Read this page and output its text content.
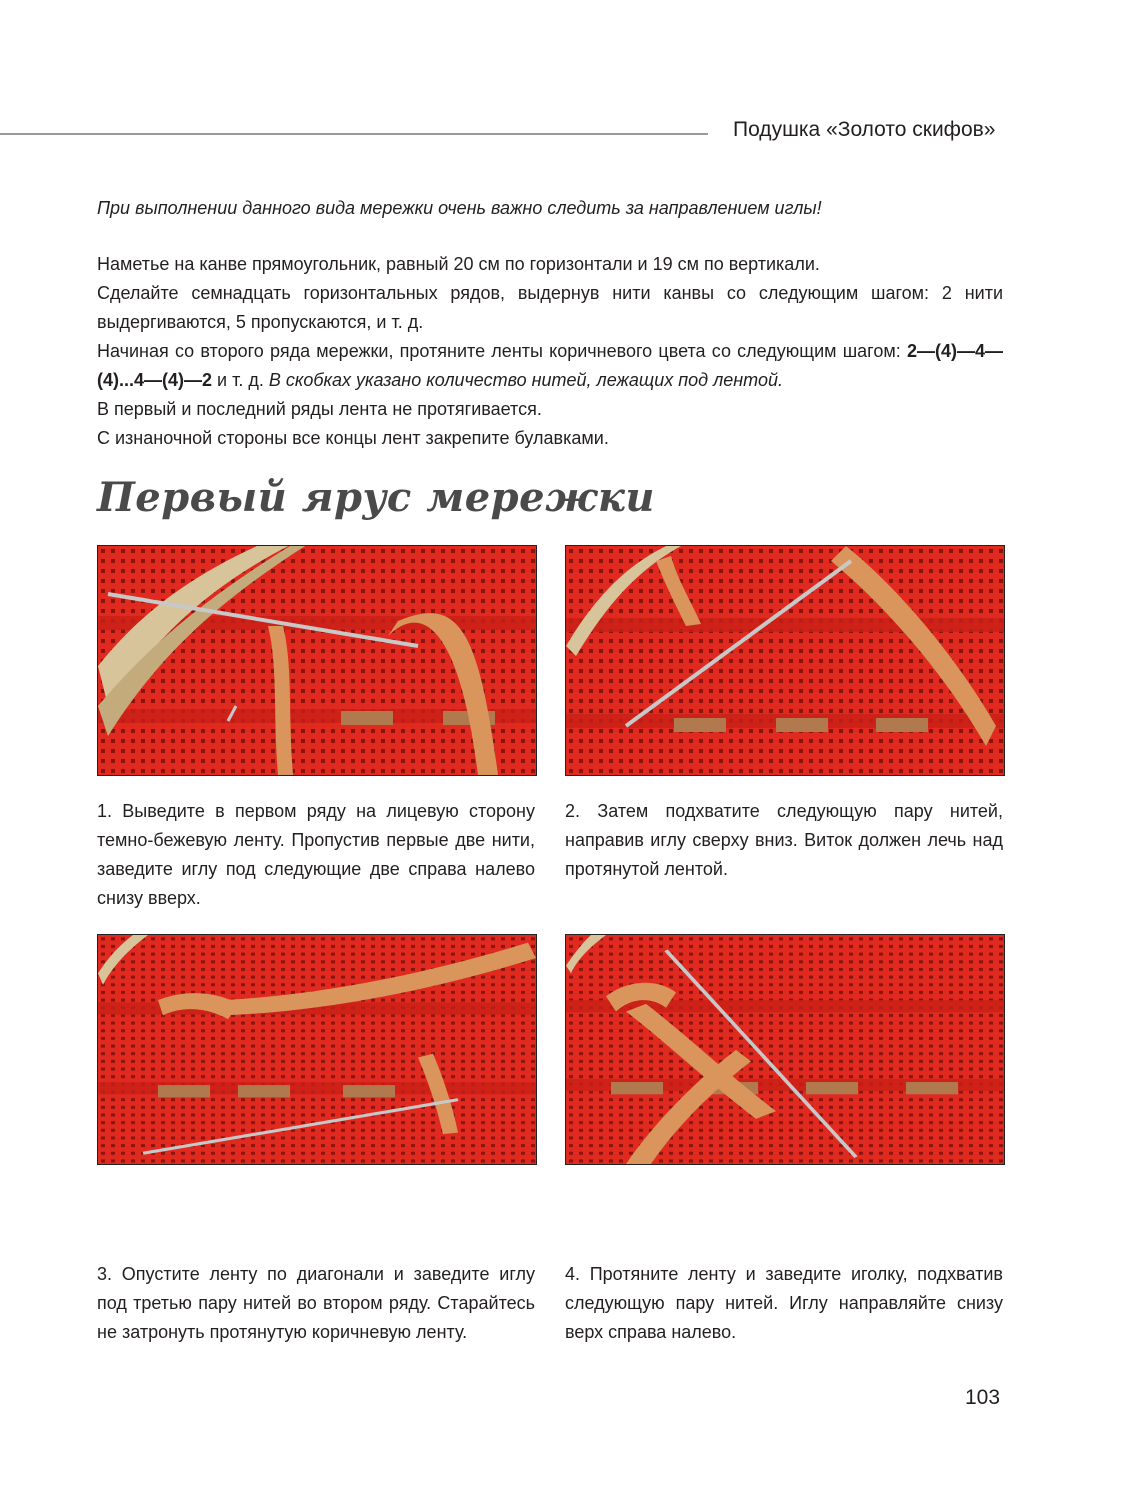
Подушка «Золото скифов»

При выполнении данного вида мережки очень важно следить за направлением иглы!

Наметье на канве прямоугольник, равный 20 см по горизонтали и 19 см по вертикали.

Сделайте семнадцать горизонтальных рядов, выдернув нити канвы со следующим шагом: 2 нити выдергиваются, 5 пропускаются, и т. д.

Начиная со второго ряда мережки, протяните ленты коричневого цвета со следующим шагом: 2—(4)—4—(4)...4—(4)—2 и т. д. В скобках указано количество нитей, лежащих под лентой.

В первый и последний ряды лента не протягивается.

С изнаночной стороны все концы лент закрепите булавками.

Первый ярус мережки
1. Выведите в первом ряду на лицевую сторону темно-бежевую ленту. Пропустив первые две нити, заведите иглу под следующие две справа налево снизу вверх.
2. Затем подхватите следующую пару нитей, направив иглу сверху вниз. Виток должен лечь над протянутой лентой.
3. Опустите ленту по диагонали и заведите иглу под третью пару нитей во втором ряду. Старайтесь не затронуть протянутую коричневую ленту.
4. Протяните ленту и заведите иголку, подхватив следующую пару нитей. Иглу направляйте снизу верх справа налево.
103
